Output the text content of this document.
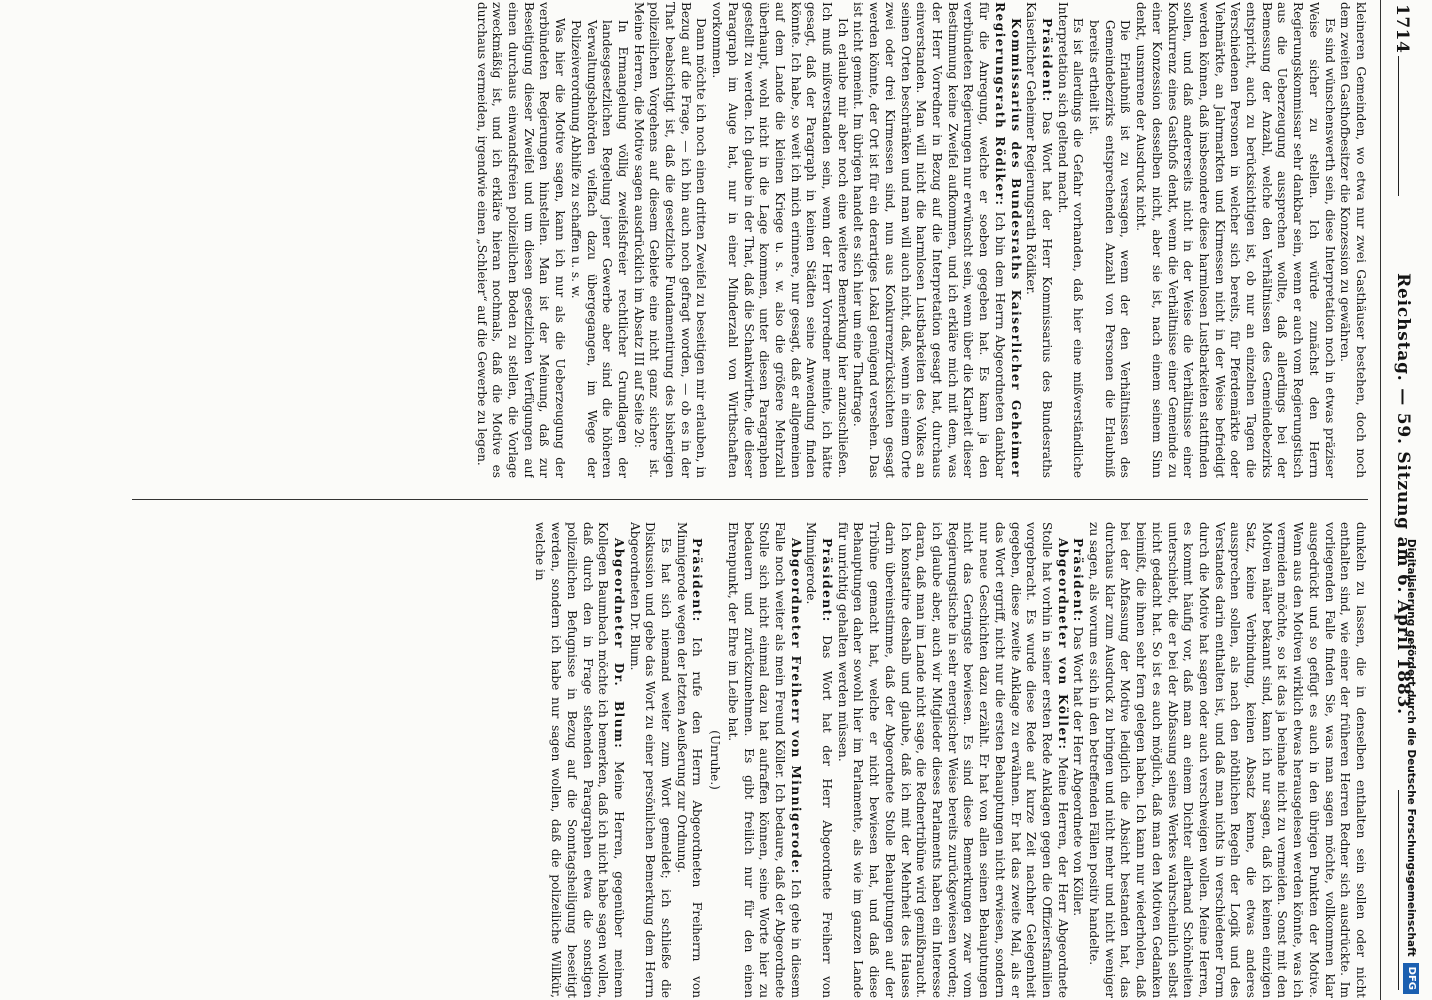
1714
Reichstag. — 59. Sitzung am 6. April 1883.

kleineren Gemeinden, wo etwa nur zwei Gasthäuser bestehen, doch noch dem zweiten Gasthofbesitzer die Konzession zu gewähren.

Es sind wünschenswerth sein, diese Interpretation noch in etwas präziser Weise sicher zu stellen. Ich würde zunächst den Herrn Regierungskommissar sehr dankbar sein, wenn er auch vom Regierungstisch aus die Ueberzeugung aussprechen wollte, daß allerdings bei der Bemessung der Anzahl, welche den Verhältnissen des Gemeindebezirks entspricht, auch zu berücksichtigen ist, ob nur an einzelnen Tagen die Verschiedenen Personen in welcher sich bereits, für Pferdemärkte oder Viehmärkte, an Jahrmarkten und Kirmessen nicht in der Weise befriedigt werden können, daß insbesondere diese harmlosen Lustbarkeiten stattfinden sollen, und daß andererseits nicht in der Weise die Verhältnisse einer Konkurrenz eines Gasthofs denkt, wenn die Verhältnisse einer Gemeinde zu einer Konzession desselben nicht, aber sie ist, nach einem seinem Sinn denkt, unsmrene der Ausdruck nicht.

Die Erlaubniß ist zu versagen, wenn der den Verhältnissen des Gemeindebezirks entsprechenden Anzahl von Personen die Erlaubniß bereits ertheilt ist.

Es ist allerdings die Gefahr vorhanden, daß hier eine mißverständliche Interpretation sich geltend macht.

Präsident: Das Wort hat der Herr Kommissarius des Bundesraths Kaiserlicher Geheimer Regierungsrath Rödiker.

Kommissarius des Bundesraths Kaiserlicher Geheimer Regierungsrath Rödiker: Ich bin dem Herrn Abgeordneten dankbar für die Anregung, welche er soeben gegeben hat. Es kann ja den verbündeten Regierungen nur erwünscht sein, wenn über die Klarheit dieser Bestimmung keine Zweifel aufkommen, und ich erkläre mich mit dem, was der Herr Vorredner in Bezug auf die Interpretation gesagt hat, durchaus einverstanden. Man will nicht die harmlosen Lustbarkeiten des Volkes an seinen Orten beschränken und man will auch nicht, daß, wenn in einem Orte zwei oder drei Kirmessen sind, nun aus Konkurrenzrücksichten gesagt werden könnte, der Ort ist für ein derartiges Lokal genügend versehen. Das ist nicht gemeint. Im übrigen handelt es sich hier um eine Thatfrage.

Ich erlaube mir aber noch eine weitere Bemerkung hier anzuschließen. Ich muß mißverstanden sein, wenn der Herr Vorredner meinte, ich hätte gesagt, daß der Paragraph in keinen Städten seine Anwendung finden könnte. Ich habe, so weit ich mich erinnere, nur gesagt, daß er allgemeinen auf dem Lande die kleinen Kriege u. s. w. also die größere Mehrzahl überhaupt, wohl nicht in die Lage kommen, unter diesen Paragraphen gestellt zu werden. Ich glaube in der That, daß die Schankwirthe, die dieser Paragraph im Auge hat, nur in einer Minderzahl von Wirthschaften vorkommen.

Dann möchte ich noch einen dritten Zweifel zu beseitigen mir erlauben, in Bezug auf die Frage, — ich bin auch noch gefragt worden, — ob es in der That beabsichtigt ist, daß die gesetzliche Fundamentirung des bisherigen polizeilichen Vorgehens auf diesem Gebiete eine nicht ganz sichere ist. Meine Herren, die Motive sagen ausdrücklich im Absatz III auf Seite 20:

In Ermangelung völlig zweifelsfreier rechtlicher Grundlagen der landesgesetzlichen Regelung jener Gewerbe aber sind die höheren Verwaltungsbehörden vielfach dazu übergegangen, im Wege der Polizeiverordnung Abhilfe zu schaffen u. s. w.

Was hier die Motive sagen, kann ich nur als die Ueberzeugung der verbündeten Regierungen hinstellen. Man ist der Meinung, daß zur Beseitigung dieser Zweifel und um diesen gesetzlichen Verfügungen auf einen durchaus einwandsfreien polizeilichen Boden zu stellen, die Vorlage zweckmäßig ist, und ich erkläre hieran nochmals, daß die Motive es durchaus vermeiden, irgendwie einen „Schleier“ auf die Gewerbe zu legen.

dunkeln zu lassen, die in denselben enthalten sein sollen oder nicht enthalten sind, wie einer der früheren Herren Redner sich ausdrückte. Im vorliegenden Falle finden Sie, was man sagen möchte, vollkommen klar ausgedrückt und so gefügt es auch in den übrigen Punkten der Motive. Wenn aus den Motiven wirklich etwas herausgelesen werden könnte, was ich vermeiden möchte, so ist das ja beinahe nicht zu vermeiden. Sonst mit den Motiven näher bekannt sind, kann ich nur sagen, daß ich keinen einzigen Satz, keine Verbindung, keinen Absatz kenne, die etwas anderes aussprechen sollen, als nach den nöthlichen Regeln der Logik und des Verstandes darin enthalten ist, und daß man nichts in verschiedener Form durch die Motive hat sagen oder auch verschweigen wollen. Meine Herren, es kommt häufig vor, daß man an einem Dichter allerhand Schönheiten unterschiebt, die er bei der Abfassung seines Werkes wahrscheinlich selbst nicht gedacht hat. So ist es auch möglich, daß man den Motiven Gedanken beimißt, die ihnen sehr fern gelegen haben. Ich kann nur wiederholen, daß bei der Abfassung der Motive lediglich die Absicht bestanden hat, das durchaus klar zum Ausdruck zu bringen und nicht mehr und nicht weniger zu sagen, als worum es sich in den betreffenden Fällen positiv handelte.

Präsident: Das Wort hat der Herr Abgeordnete von Köller.

Abgeordneter von Köller: Meine Herren, der Herr Abgeordnete Stolle hat vorhin in seiner ersten Rede Anklagen gegen die Offiziersfamilien vorgebracht. Es wurde diese Rede auf kurze Zeit nachher Gelegenheit gegeben, diese zweite Anklage zu erwähnen. Er hat das zweite Mal, als er das Wort ergriff, nicht nur die ersten Behauptungen nicht erwiesen, sondern nur neue Geschichten dazu erzählt. Er hat von allen seinen Behauptungen nicht das Geringste bewiesen. Es sind diese Bemerkungen zwar vom Regierungstische in sehr energischer Weise bereits zurückgewiesen worden; ich glaube aber, auch wir Mitglieder dieses Parlaments haben ein Interesse daran, daß man im Lande nicht sage, die Rednertribüne wird gemißbraucht. Ich konstatire deshalb und glaube, daß ich mit der Mehrheit des Hauses darin übereinstimme, daß der Abgeordnete Stolle Behauptungen auf der Tribüne gemacht hat, welche er nicht bewiesen hat, und daß diese Behauptungen daher sowohl hier im Parlamente, als wie im ganzen Lande für unrichtig gehalten werden müssen.

Präsident: Das Wort hat der Herr Abgeordnete Freiherr von Minnigerode.

Abgeordneter Freiherr von Minnigerode: Ich gehe in diesem Falle noch weiter als mein Freund Köller. Ich bedaure, daß der Abgeordnete Stolle sich nicht einmal dazu hat aufraffen können, seine Worte hier zu bedauern und zurückzunehmen. Es gibt freilich nur für den einen Ehrenpunkt, der Ehre im Leibe hat.

(Unruhe.)

Präsident: Ich rufe den Herrn Abgeordneten Freiherrn von Minnigerode wegen der letzten Aeußerung zur Ordnung.

Es hat sich niemand weiter zum Wort gemeldet; ich schließe die Diskussion und gebe das Wort zu einer persönlichen Bemerkung dem Herrn Abgeordneten Dr. Blum.

Abgeordneter Dr. Blum: Meine Herren, gegenüber meinem Kollegen Baumbach möchte ich bemerken, daß ich nicht habe sagen wollen, daß durch den in Frage stehenden Paragraphen etwa die sonstigen polizeilichen Befugnisse in Bezug auf die Sonntagsheiligung beseitigt werden, sondern ich habe nur sagen wollen, daß die polizeiliche Willkür, welche in	Digitalisierung gefördert durch die Deutsche ForschungsgemeinschaftDFG
